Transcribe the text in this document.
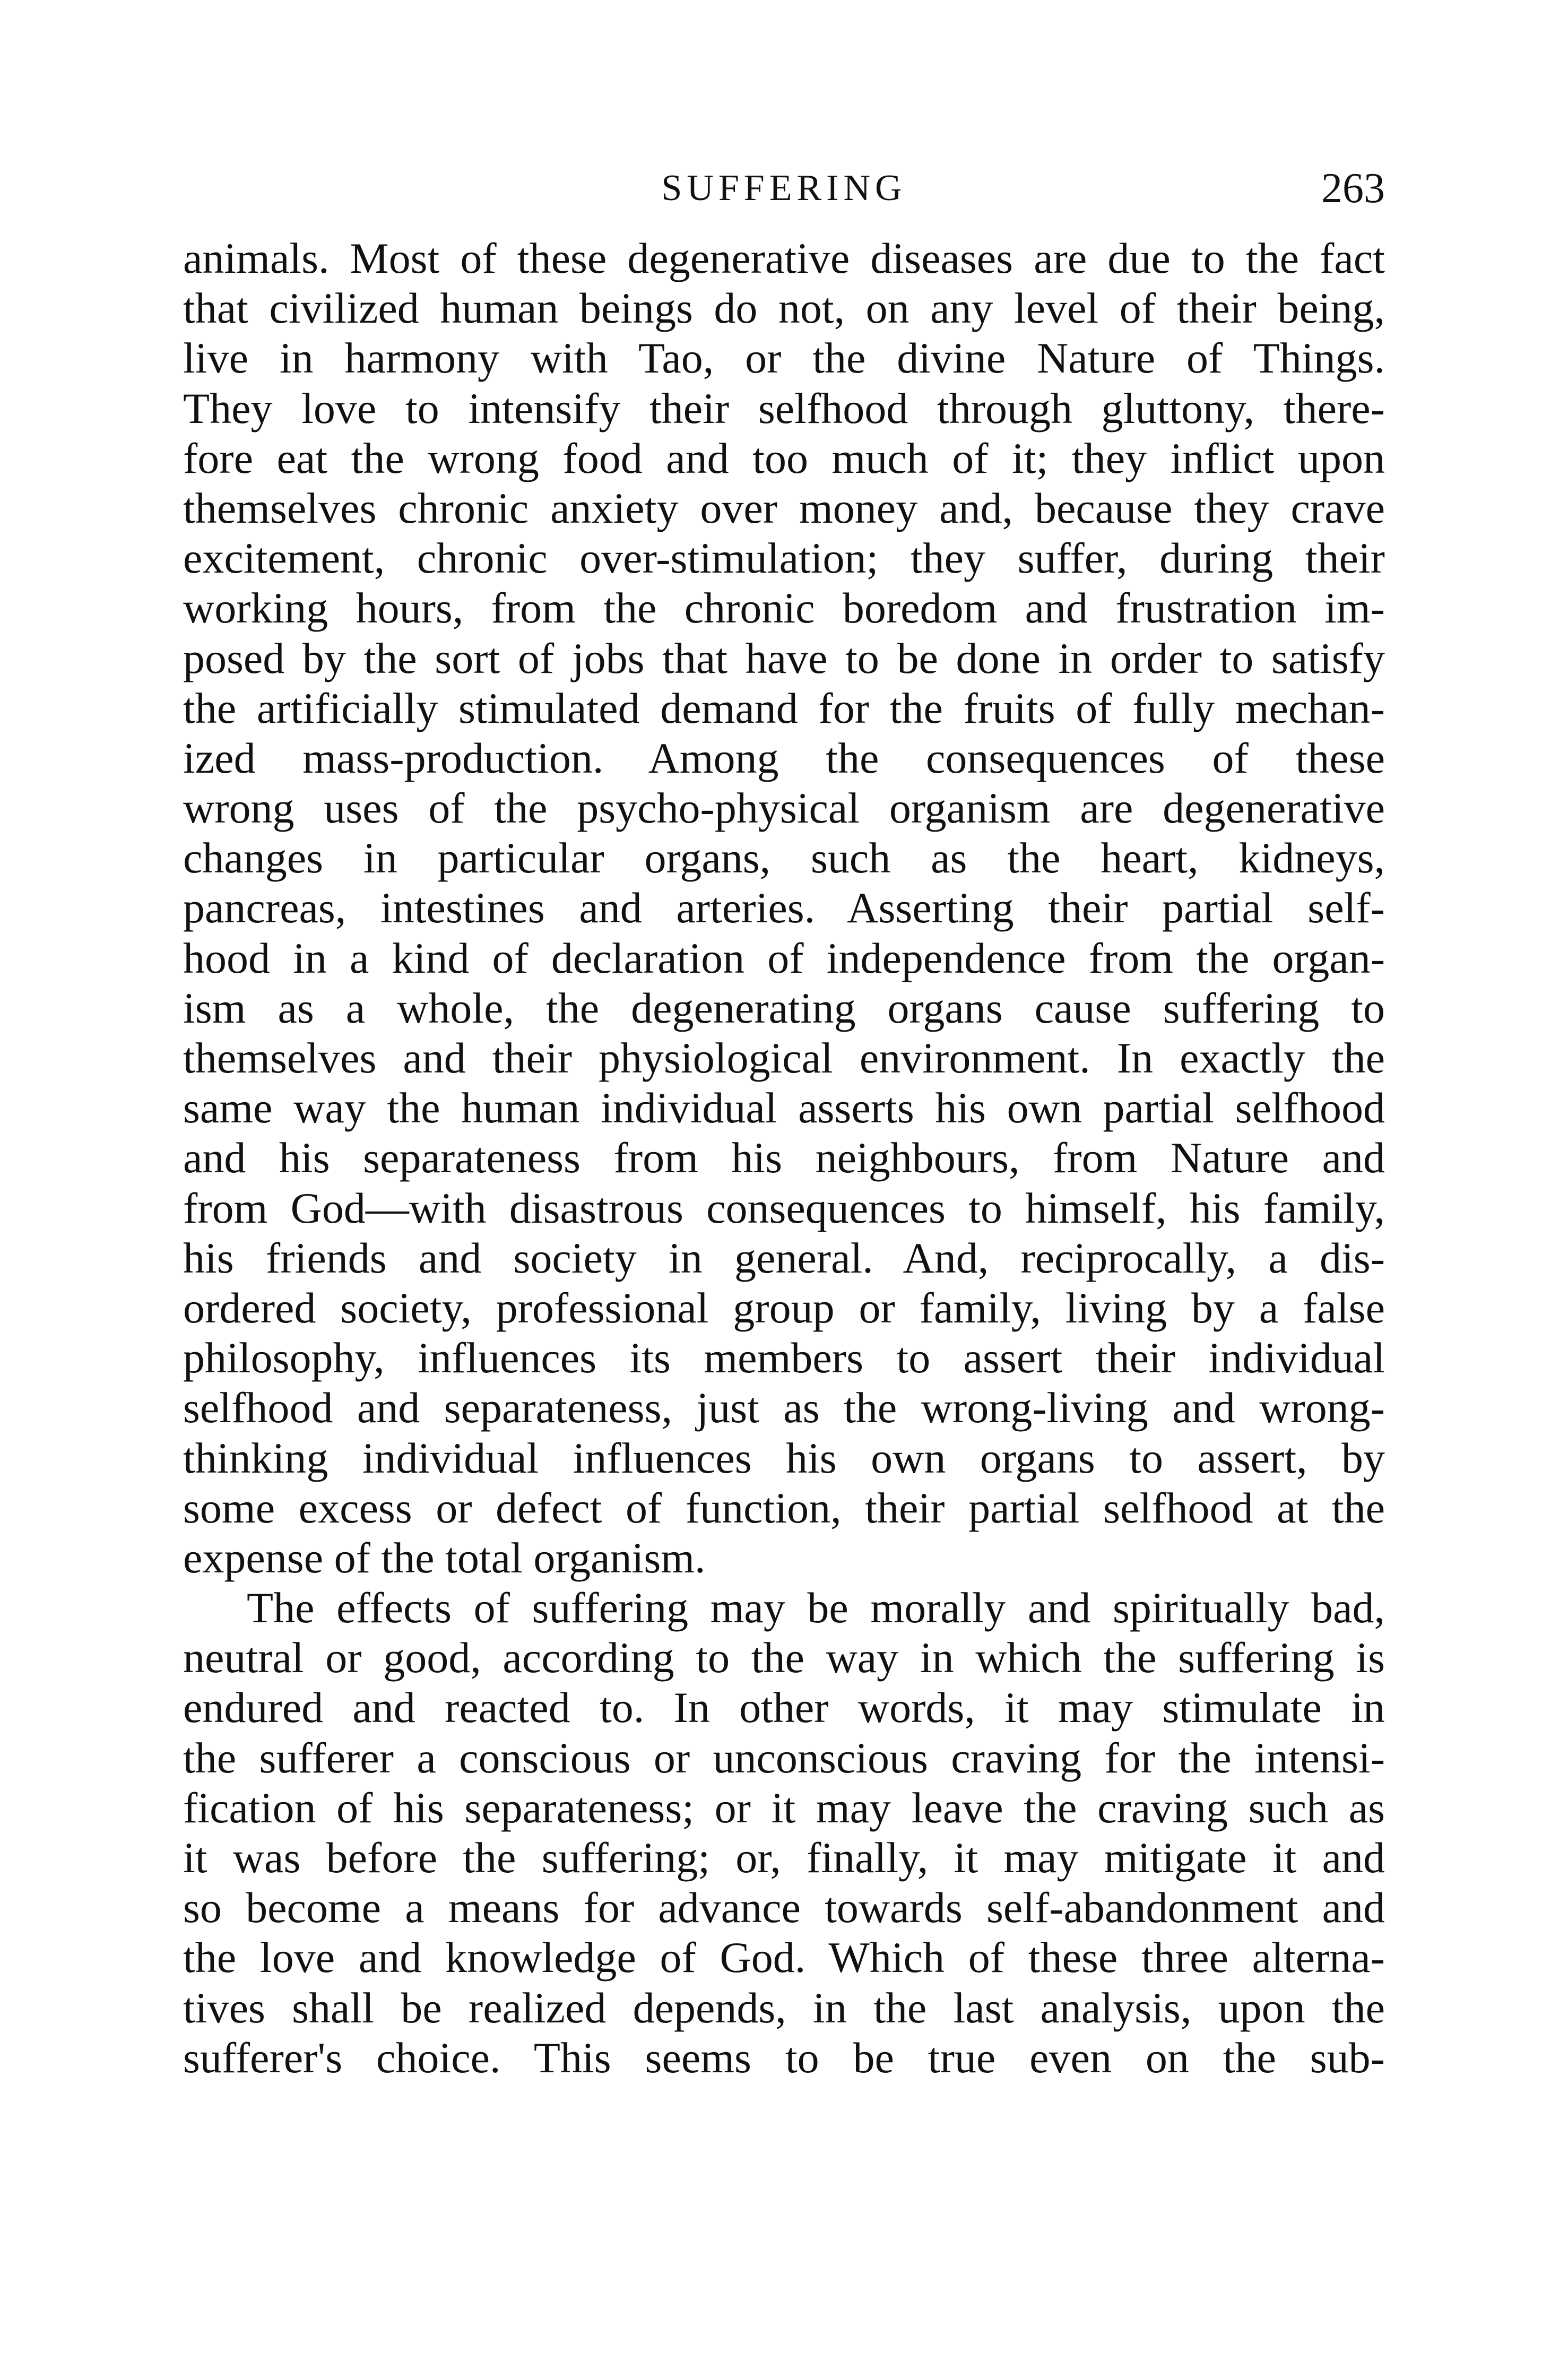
SUFFERING	263
animals. Most of these degenerative diseases are due to the fact
that civilized human beings do not, on any level of their being,
live in harmony with Tao, or the divine Nature of Things.
They love to intensify their selfhood through gluttony, there-
fore eat the wrong food and too much of it; they inflict upon
themselves chronic anxiety over money and, because they crave
excitement, chronic over-stimulation; they suffer, during their
working hours, from the chronic boredom and frustration im-
posed by the sort of jobs that have to be done in order to satisfy
the artificially stimulated demand for the fruits of fully mechan-
ized mass-production. Among the consequences of these
wrong uses of the psycho-physical organism are degenerative
changes in particular organs, such as the heart, kidneys,
pancreas, intestines and arteries. Asserting their partial self-
hood in a kind of declaration of independence from the organ-
ism as a whole, the degenerating organs cause suffering to
themselves and their physiological environment. In exactly the
same way the human individual asserts his own partial selfhood
and his separateness from his neighbours, from Nature and
from God—with disastrous consequences to himself, his family,
his friends and society in general. And, reciprocally, a dis-
ordered society, professional group or family, living by a false
philosophy, influences its members to assert their individual
selfhood and separateness, just as the wrong-living and wrong-
thinking individual influences his own organs to assert, by
some excess or defect of function, their partial selfhood at the
expense of the total organism.
The effects of suffering may be morally and spiritually bad,
neutral or good, according to the way in which the suffering is
endured and reacted to. In other words, it may stimulate in
the sufferer a conscious or unconscious craving for the intensi-
fication of his separateness; or it may leave the craving such as
it was before the suffering; or, finally, it may mitigate it and
so become a means for advance towards self-abandonment and
the love and knowledge of God. Which of these three alterna-
tives shall be realized depends, in the last analysis, upon the
sufferer's choice. This seems to be true even on the sub-
